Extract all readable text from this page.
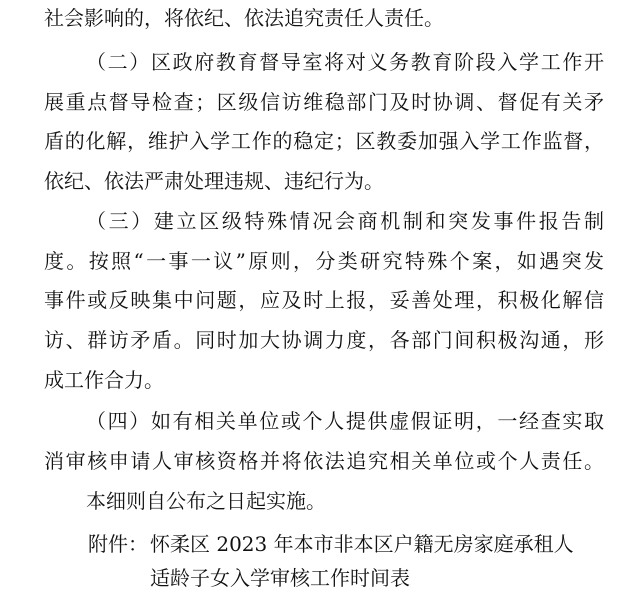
社会影响的，将依纪、依法追究责任人责任。
（二）区政府教育督导室将对义务教育阶段入学工作开
展重点督导检查；区级信访维稳部门及时协调、督促有关矛
盾的化解，维护入学工作的稳定；区教委加强入学工作监督，
依纪、依法严肃处理违规、违纪行为。
（三）建立区级特殊情况会商机制和突发事件报告制
度。按照“一事一议”原则，分类研究特殊个案，如遇突发
事件或反映集中问题，应及时上报，妥善处理，积极化解信
访、群访矛盾。同时加大协调力度，各部门间积极沟通，形
成工作合力。
（四）如有相关单位或个人提供虚假证明，一经查实取
消审核申请人审核资格并将依法追究相关单位或个人责任。
本细则自公布之日起实施。
附件： 怀柔区 2023 年本市非本区户籍无房家庭承租人
适龄子女入学审核工作时间表
